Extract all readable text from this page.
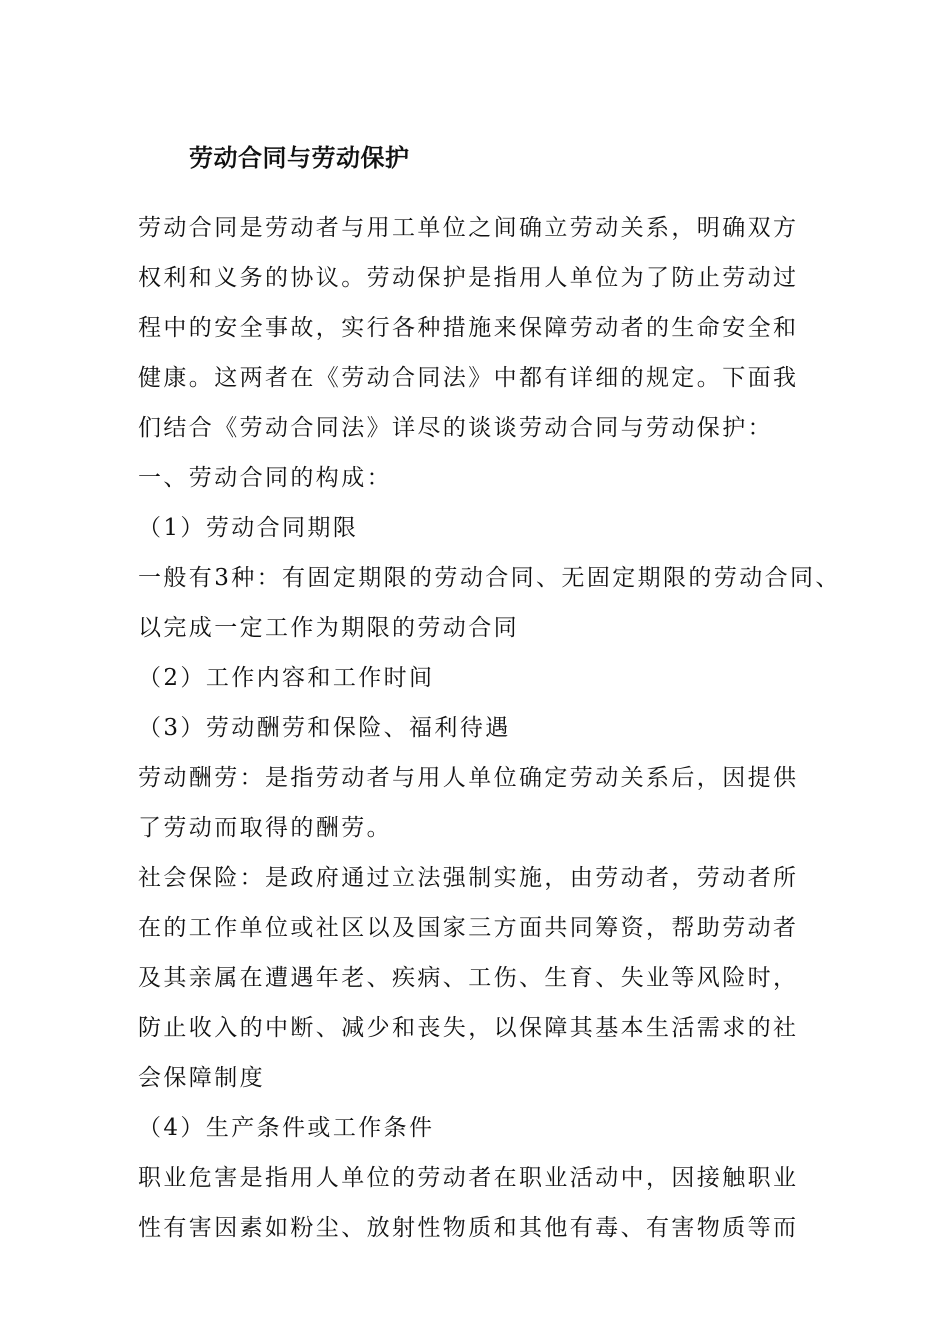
劳动合同与劳动保护
劳动合同是劳动者与用工单位之间确立劳动关系，明确双方
权利和义务的协议。劳动保护是指用人单位为了防止劳动过
程中的安全事故，实行各种措施来保障劳动者的生命安全和
健康。这两者在《劳动合同法》中都有详细的规定。下面我
们结合《劳动合同法》详尽的谈谈劳动合同与劳动保护：
一、劳动合同的构成：
（1）劳动合同期限
一般有3种：有固定期限的劳动合同、无固定期限的劳动合同、
以完成一定工作为期限的劳动合同
（2）工作内容和工作时间
（3）劳动酬劳和保险、福利待遇
劳动酬劳：是指劳动者与用人单位确定劳动关系后，因提供
了劳动而取得的酬劳。
社会保险：是政府通过立法强制实施，由劳动者，劳动者所
在的工作单位或社区以及国家三方面共同筹资，帮助劳动者
及其亲属在遭遇年老、疾病、工伤、生育、失业等风险时，
防止收入的中断、减少和丧失，以保障其基本生活需求的社
会保障制度
（4）生产条件或工作条件
职业危害是指用人单位的劳动者在职业活动中，因接触职业
性有害因素如粉尘、放射性物质和其他有毒、有害物质等而
